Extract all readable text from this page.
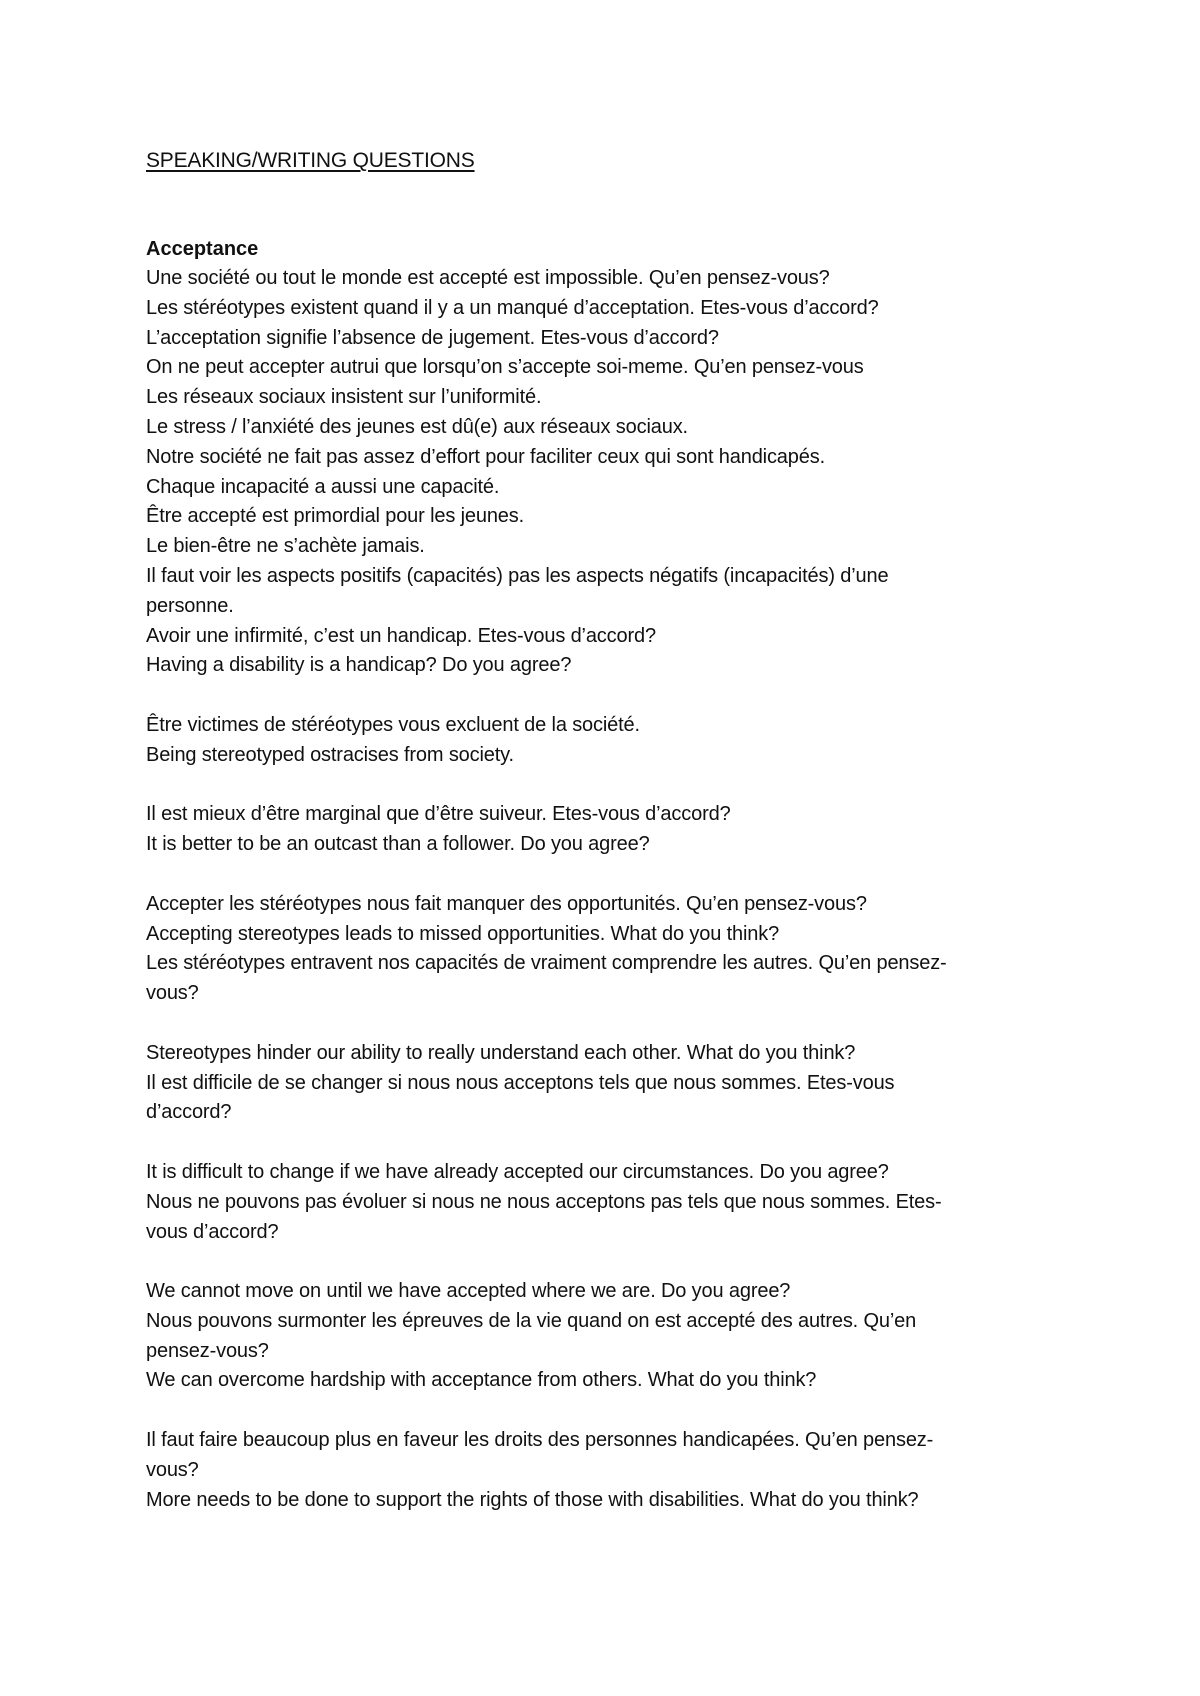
SPEAKING/WRITING QUESTIONS
Acceptance
Une société ou tout le monde est accepté est impossible. Qu’en pensez-vous?
Les stéréotypes existent quand il y a un manqué d’acceptation. Etes-vous d’accord?
L’acceptation signifie l’absence de jugement. Etes-vous d’accord?
On ne peut accepter autrui que lorsqu’on s’accepte soi-meme. Qu’en pensez-vous
Les réseaux sociaux insistent sur l’uniformité.
Le stress / l’anxiété des jeunes est dû(e) aux réseaux sociaux.
Notre société ne fait pas assez d’effort pour faciliter ceux qui sont handicapés.
Chaque incapacité a aussi une capacité.
Être accepté est primordial pour les jeunes.
Le bien-être ne s’achète jamais.
Il faut voir les aspects positifs (capacités) pas les aspects négatifs (incapacités) d’une
personne.
Avoir une infirmité, c’est un handicap. Etes-vous d’accord?
Having a disability is a handicap? Do you agree?
Être victimes de stéréotypes vous excluent de la société.
Being stereotyped ostracises from society.
Il est mieux d’être marginal que d’être suiveur. Etes-vous d’accord?
It is better to be an outcast than a follower. Do you agree?
Accepter les stéréotypes nous fait manquer des opportunités. Qu’en pensez-vous?
Accepting stereotypes leads to missed opportunities. What do you think?
Les stéréotypes entravent nos capacités de vraiment comprendre les autres. Qu’en pensez-
vous?
Stereotypes hinder our ability to really understand each other. What do you think?
Il est difficile de se changer si nous nous acceptons tels que nous sommes. Etes-vous
d’accord?
It is difficult to change if we have already accepted our circumstances. Do you agree?
Nous ne pouvons pas évoluer si nous ne nous acceptons pas tels que nous sommes. Etes-
vous d’accord?
We cannot move on until we have accepted where we are. Do you agree?
Nous pouvons surmonter les épreuves de la vie quand on est accepté des autres. Qu’en
pensez-vous?
We can overcome hardship with acceptance from others. What do you think?
Il faut faire beaucoup plus en faveur les droits des personnes handicapées. Qu’en pensez-
vous?
More needs to be done to support the rights of those with disabilities. What do you think?
